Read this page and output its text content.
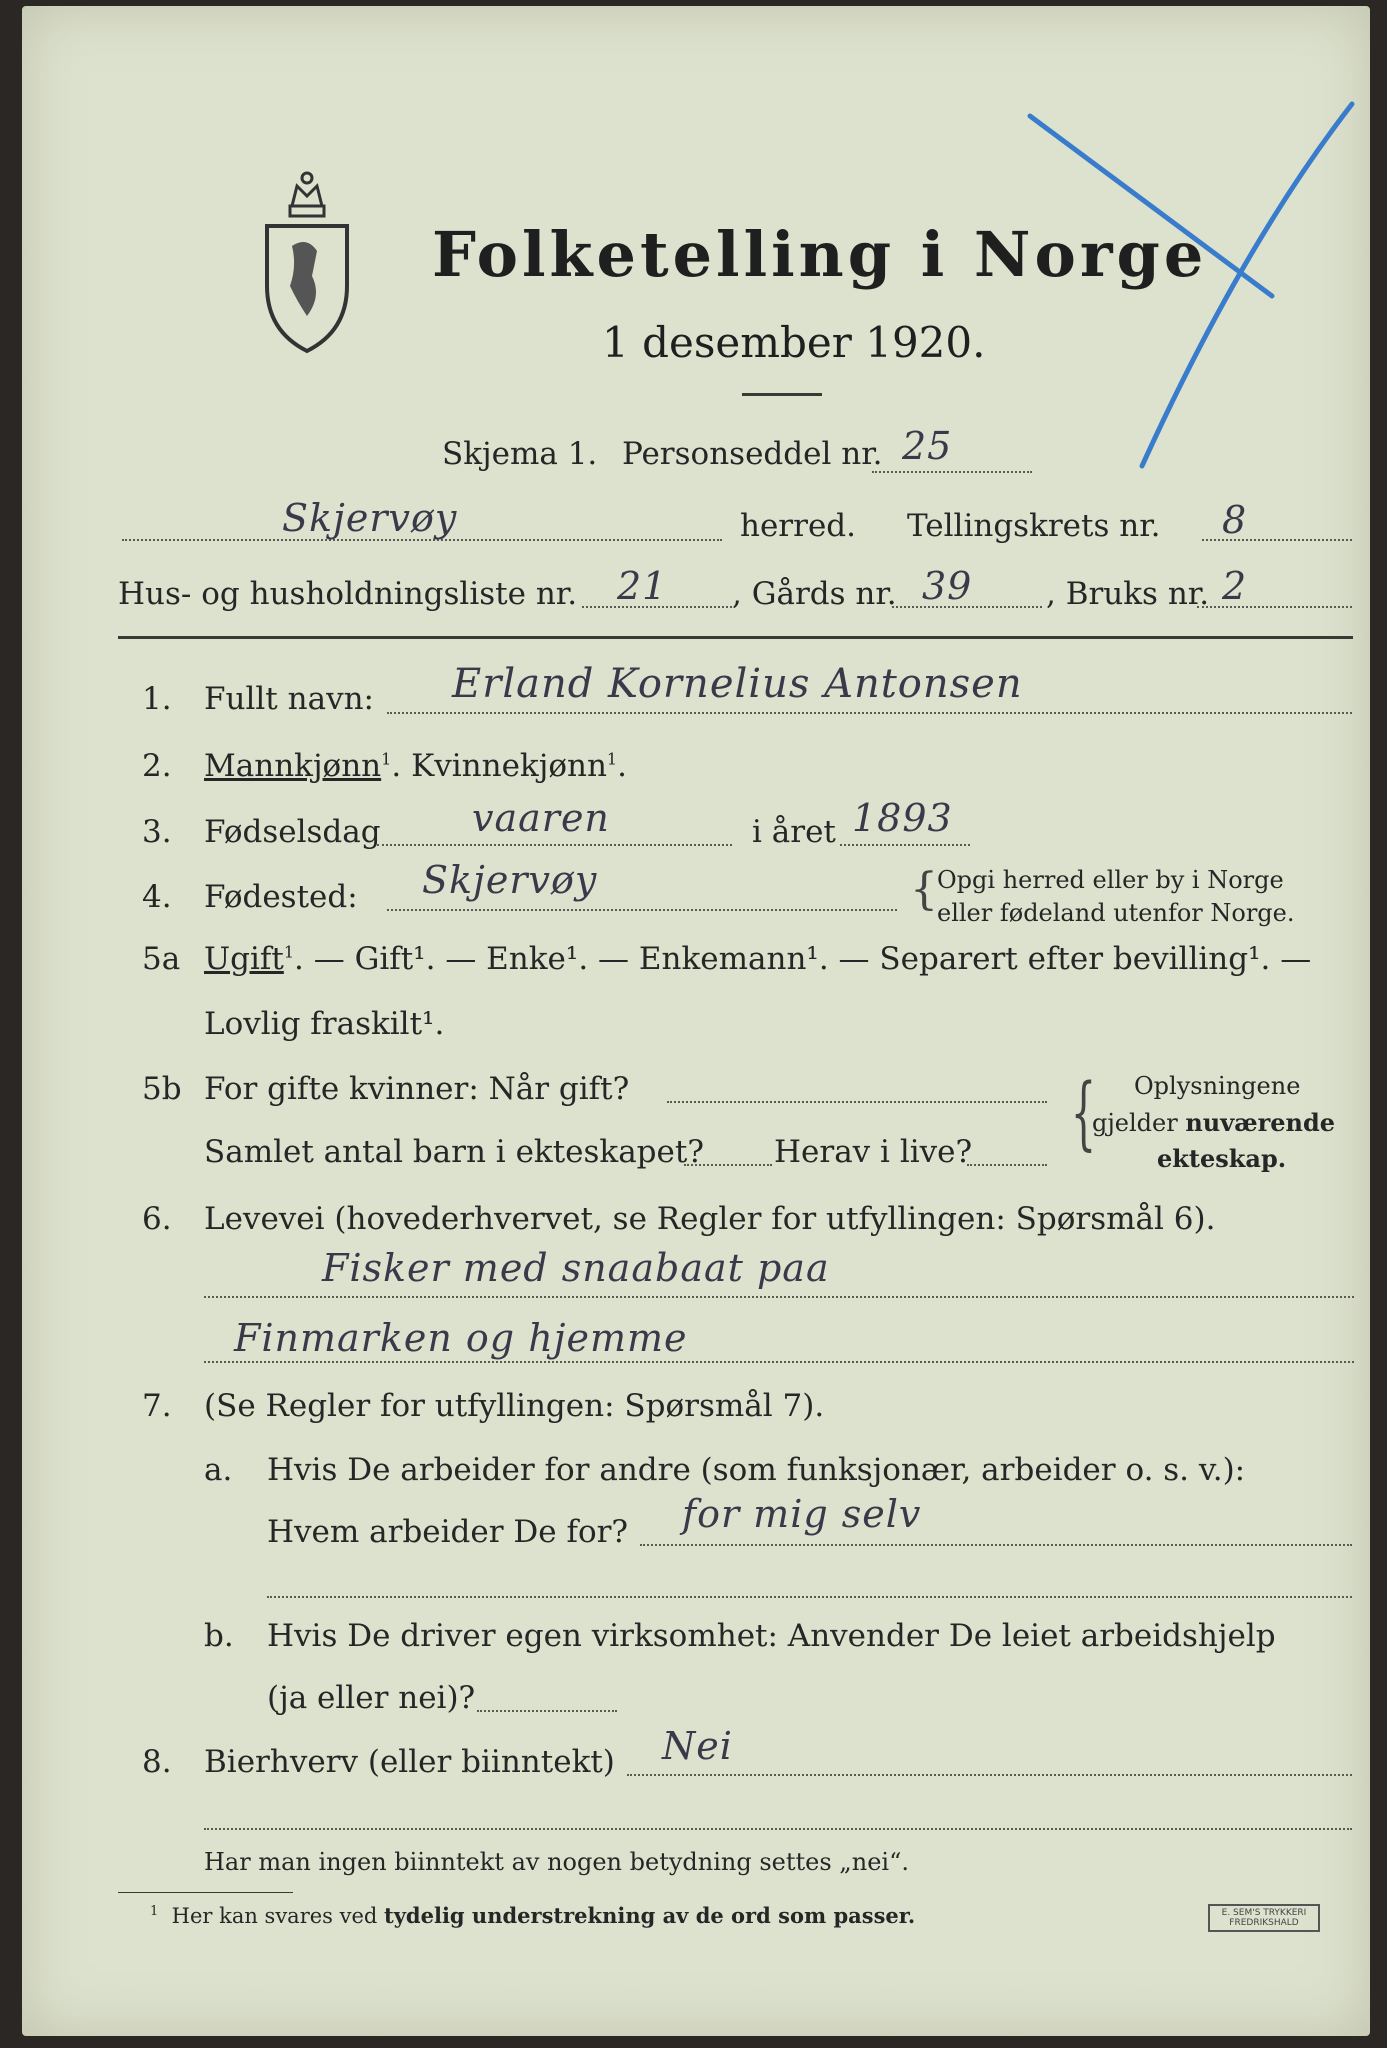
Folketelling i Norge
1 desember 1920.
Skjema 1. Personseddel nr. 25
Skjervøy	herred. Tellingskrets nr. 8
Hus- og husholdningsliste nr. 21 , Gårds nr. 39 , Bruks nr. 2
1. Fullt navn: Erland Kornelius Antonsen
2. Mannkjønn$^1$. Kvinnekjønn$^1$.
3. Fødselsdag vaaren	i året 1893
4. Fødested: Skjervøy	{ Opgi herred eller by i Norge
eller fødeland utenfor Norge.
5a Ugift$^1$. — Gift¹. — Enke¹. — Enkemann¹. — Separert efter bevilling¹. —
Lovlig fraskilt¹.
5b For gifte kvinner: Når gift?
Samlet antal barn i ekteskapet? Herav i live? { Oplysningene
gjelder nuværende
ekteskap.
6. Levevei (hovederhvervet, se Regler for utfyllingen: Spørsmål 6).
Fisker med snaabaat paa
Finmarken og hjemme
7. (Se Regler for utfyllingen: Spørsmål 7).
a. Hvis De arbeider for andre (som funksjonær, arbeider o. s. v.):
Hvem arbeider De for? for mig selv
b. Hvis De driver egen virksomhet: Anvender De leiet arbeidshjelp
(ja eller nei)?
8. Bierhverv (eller biinntekt) Nei
Har man ingen biinntekt av nogen betydning settes „nei“.
$^1$ Her kan svares ved tydelig understrekning av de ord som passer.	E. SEM'S TRYKKERI FREDRIKSHALD
